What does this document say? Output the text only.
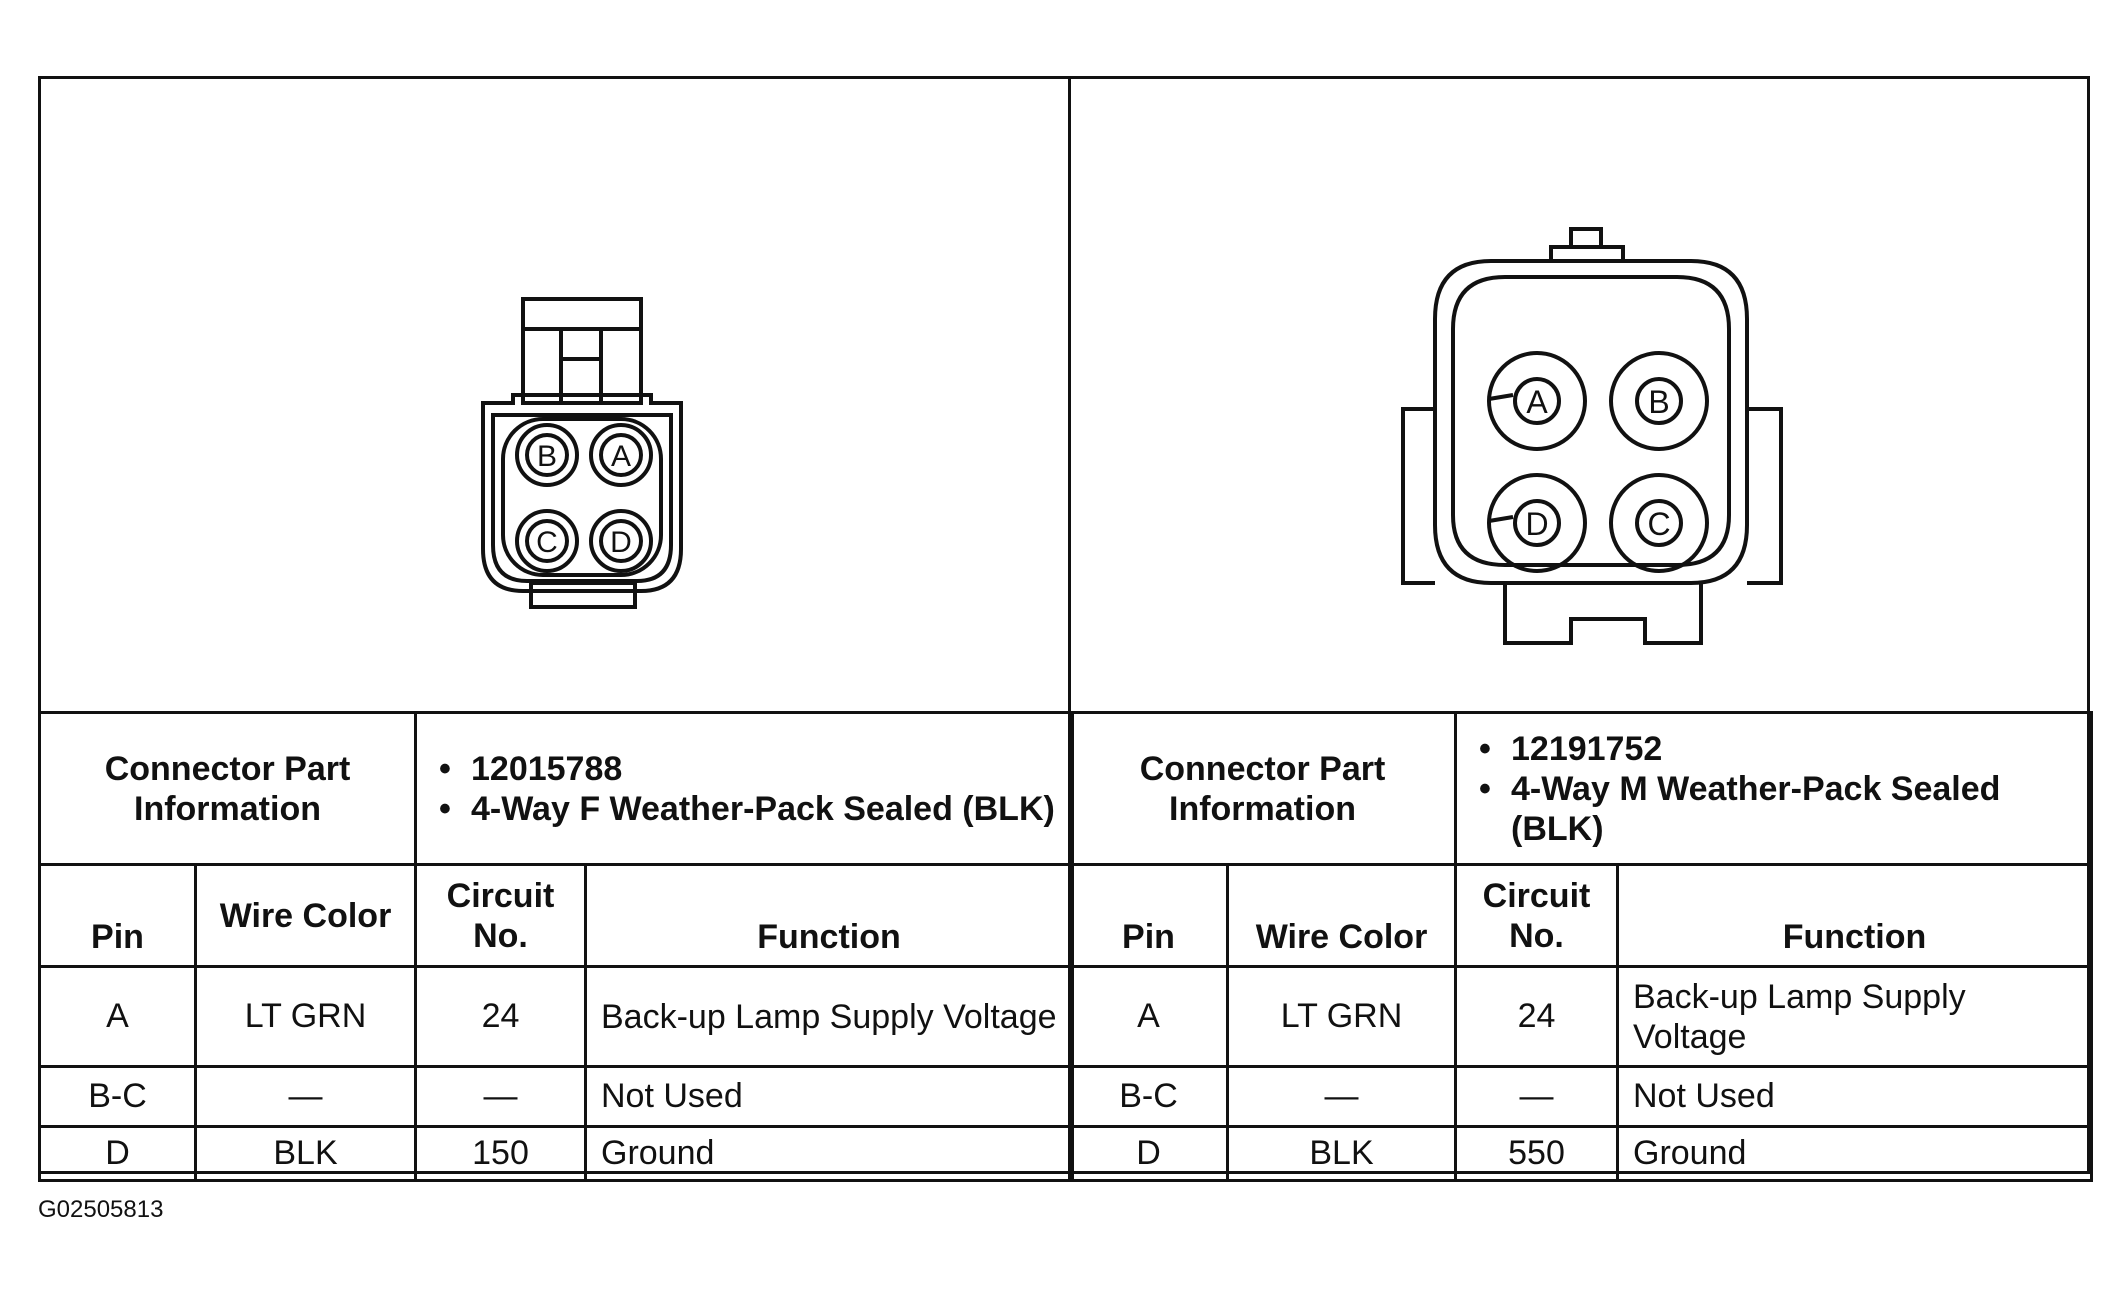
B A
C D
A	B
D	C
Connector Part Information		• 12015788
• 4-Way F Weather-Pack Sealed (BLK)

Pin	Wire Color	Circuit No.	Function
A	LT GRN	24	Back-up Lamp Supply Voltage
B-C	—	—	Not Used
D	BLK	150	Ground
Connector Part Information		• 12191752
• 4-Way M Weather-Pack Sealed (BLK)

Pin	Wire Color	Circuit No.	Function
A	LT GRN	24	Back-up Lamp Supply Voltage
B-C	—	—	Not Used
D	BLK	550	Ground
G02505813
